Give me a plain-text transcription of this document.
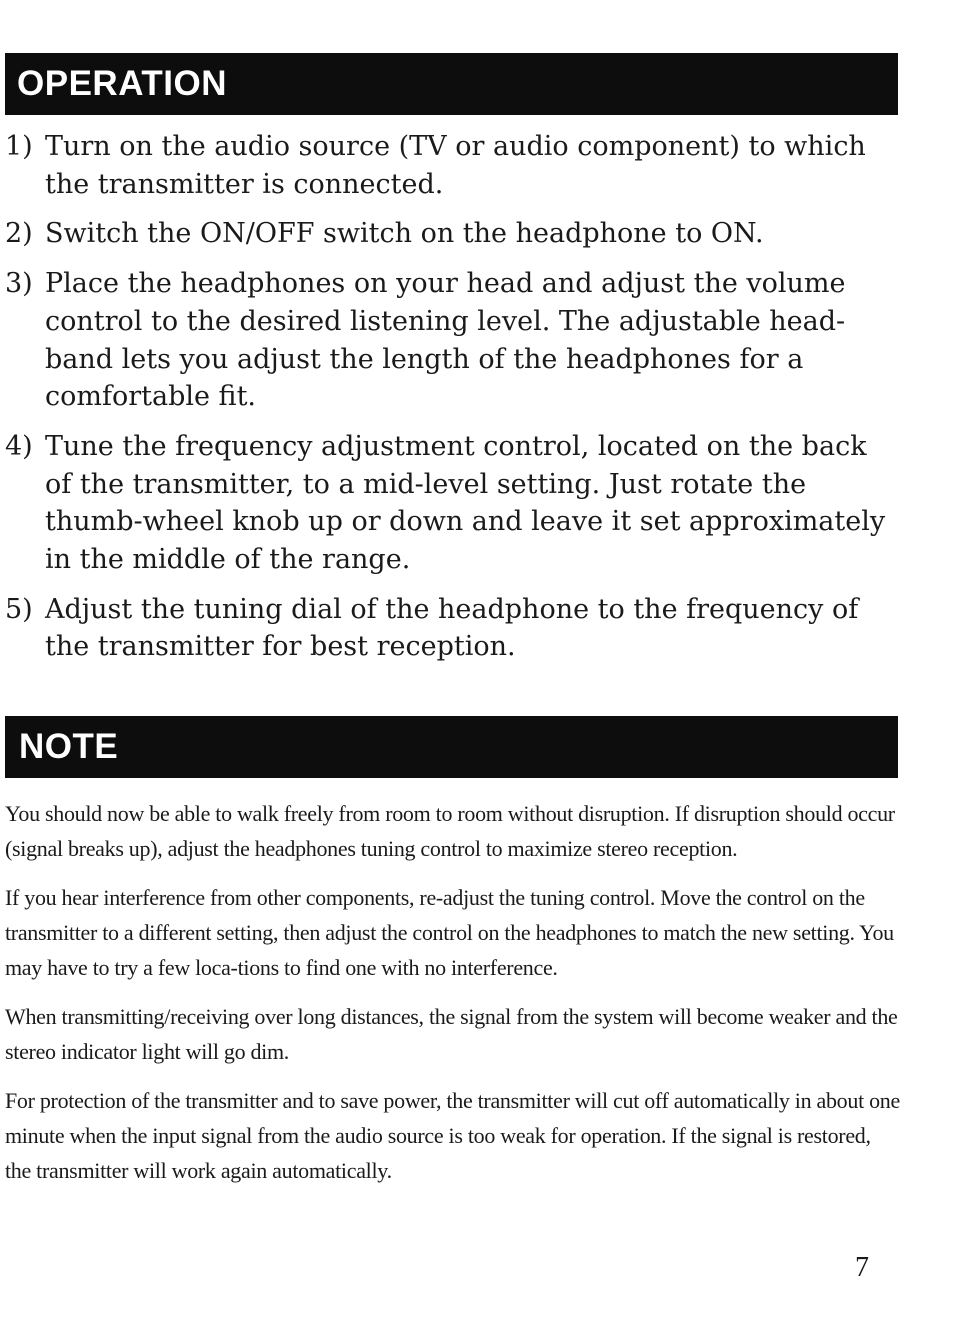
OPERATION
1) Turn on the audio source (TV or audio component) to which the transmitter is connected.
2) Switch the ON/OFF switch on the headphone to ON.
3) Place the headphones on your head and adjust the volume control to the desired listening level. The adjustable head-band lets you adjust the length of the headphones for a comfortable fit.
4) Tune the frequency adjustment control, located on the back of the transmitter, to a mid-level setting. Just rotate the thumb-wheel knob up or down and leave it set approximately in the middle of the range.
5) Adjust the tuning dial of the headphone to the frequency of the transmitter for best reception.
NOTE

You should now be able to walk freely from room to room without disruption. If disruption should occur (signal breaks up), adjust the headphones tuning control to maximize stereo reception.

If you hear interference from other components, re-adjust the tuning control. Move the control on the transmitter to a different setting, then adjust the control on the headphones to match the new setting. You may have to try a few loca-tions to find one with no interference.

When transmitting/receiving over long distances, the signal from the system will become weaker and the stereo indicator light will go dim.

For protection of the transmitter and to save power, the transmitter will cut off automatically in about one minute when the input signal from the audio source is too weak for operation. If the signal is restored, the transmitter will work again automatically.

7
